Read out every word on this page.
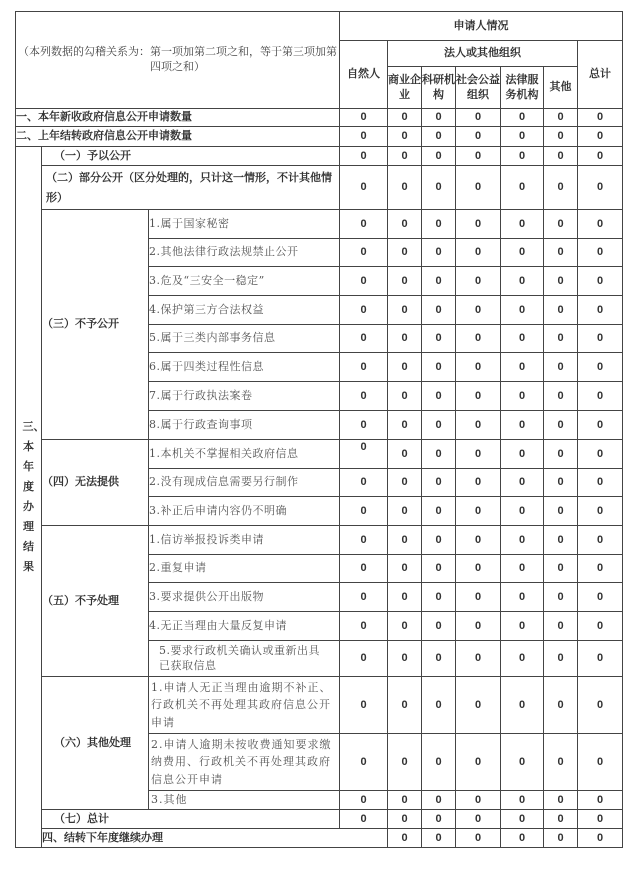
（本列数据的勾稽关系为：第一项加第二项之和，等于第三项加第四项之和）			申请人情况							
			自然人	法人或其他组织					总计	
				商业企业	科研机构	社会公益组织	法律服务机构	其他		
一、本年新收政府信息公开申请数量			0	0	0	0	0	0	0	
二、上年结转政府信息公开申请数量			0	0	0	0	0	0	0	

三、本年度办理结果	（一）予以公开		0	0	0	0	0	0	0	
	（二）部分公开（区分处理的，只计这一情形，不计其他情形）		0	0	0	0	0	0	0	
	（三）不予公开	1.属于国家秘密	0	0	0	0	0	0	0	
		2.其他法律行政法规禁止公开	0	0	0	0	0	0	0	
		3.危及“三安全一稳定”	0	0	0	0	0	0	0	
		4.保护第三方合法权益	0	0	0	0	0	0	0	
		5.属于三类内部事务信息	0	0	0	0	0	0	0	
		6.属于四类过程性信息	0	0	0	0	0	0	0	
		7.属于行政执法案卷	0	0	0	0	0	0	0	
		8.属于行政查询事项	0	0	0	0	0	0	0	
	（四）无法提供	1.本机关不掌握相关政府信息	0	0	0	0	0	0	0	
		2.没有现成信息需要另行制作	0	0	0	0	0	0	0	
		3.补正后申请内容仍不明确	0	0	0	0	0	0	0	
	（五）不予处理	1.信访举报投诉类申请	0	0	0	0	0	0	0	
		2.重复申请	0	0	0	0	0	0	0	
		3.要求提供公开出版物	0	0	0	0	0	0	0	
		4.无正当理由大量反复申请	0	0	0	0	0	0	0	
		5.要求行政机关确认或重新出具已获取信息	0	0	0	0	0	0	0	
	（六）其他处理	1.申请人无正当理由逾期不补正、行政机关不再处理其政府信息公开申请	0	0	0	0	0	0	0	
		2.申请人逾期未按收费通知要求缴纳费用、行政机关不再处理其政府信息公开申请	0	0	0	0	0	0	0	
		3.其他	0	0	0	0	0	0	0	
	（七）总计		0	0	0	0	0	0	0	
	四、结转下年度继续办理			0	0	0	0	0	0	
